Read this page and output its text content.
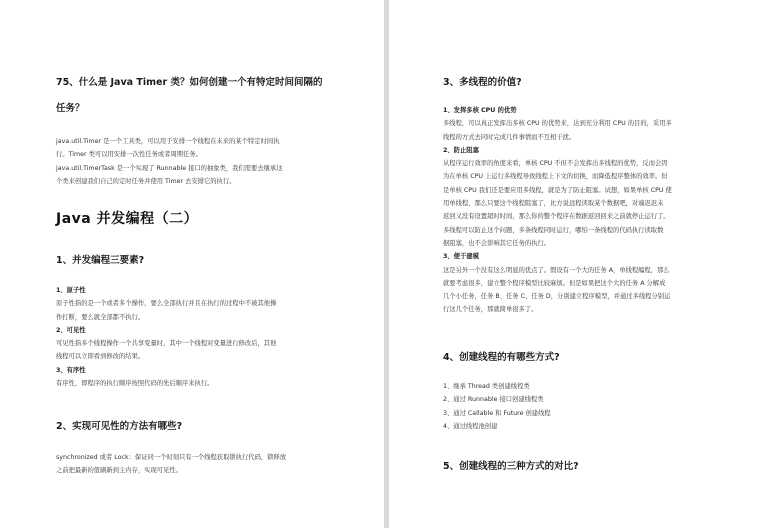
75、什么是 Java Timer 类？如何创建一个有特定时间间隔的
任务？
java.util.Timer 是一个工具类，可以用于安排一个线程在未来的某个特定时间执
行。Timer 类可以用安排一次性任务或者周期任务。
java.util.TimerTask 是一个实现了 Runnable 接口的抽象类，我们需要去继承这
个类来创建我们自己的定时任务并使用 Timer 去安排它的执行。
Java 并发编程（二）
1、并发编程三要素?
1、原子性
原子性指的是一个或者多个操作，要么全部执行并且在执行的过程中不被其他操
作打断，要么就全部都不执行。
2、可见性
可见性指多个线程操作一个共享变量时，其中一个线程对变量进行修改后，其他
线程可以立即看到修改的结果。
3、有序性
有序性，即程序的执行顺序按照代码的先后顺序来执行。
2、实现可见性的方法有哪些?
synchronized 或者 Lock：保证同一个时刻只有一个线程获取锁执行代码，锁释放
之前把最新的值刷新到主内存，实现可见性。
3、多线程的价值?
1、发挥多核 CPU 的优势
多线程，可以真正发挥出多核 CPU 的优势来，达到充分利用 CPU 的目的，采用多
线程的方式去同时完成几件事情而不互相干扰。
2、防止阻塞
从程序运行效率的角度来看，单核 CPU 不但不会发挥出多线程的优势，反而会因
为在单核 CPU 上运行多线程导致线程上下文的切换，而降低程序整体的效率。但
是单核 CPU 我们还是要应用多线程，就是为了防止阻塞。试想，如果单核 CPU 使
用单线程，那么只要这个线程阻塞了，比方说远程读取某个数据吧，对端迟迟未
返回又没有设置超时时间，那么你的整个程序在数据返回回来之前就停止运行了。
多线程可以防止这个问题，多条线程同时运行，哪怕一条线程的代码执行读取数
据阻塞，也不会影响其它任务的执行。
3、便于建模
这是另外一个没有这么明显的优点了。假设有一个大的任务 A，单线程编程，那么
就要考虑很多，建立整个程序模型比较麻烦。但是如果把这个大的任务 A 分解成
几个小任务，任务 B、任务 C、任务 D，分别建立程序模型，并通过多线程分别运
行这几个任务，那就简单很多了。
4、创建线程的有哪些方式?
1、继承 Thread 类创建线程类
2、通过 Runnable 接口创建线程类
3、通过 Callable 和 Future 创建线程
4、通过线程池创建
5、创建线程的三种方式的对比?
